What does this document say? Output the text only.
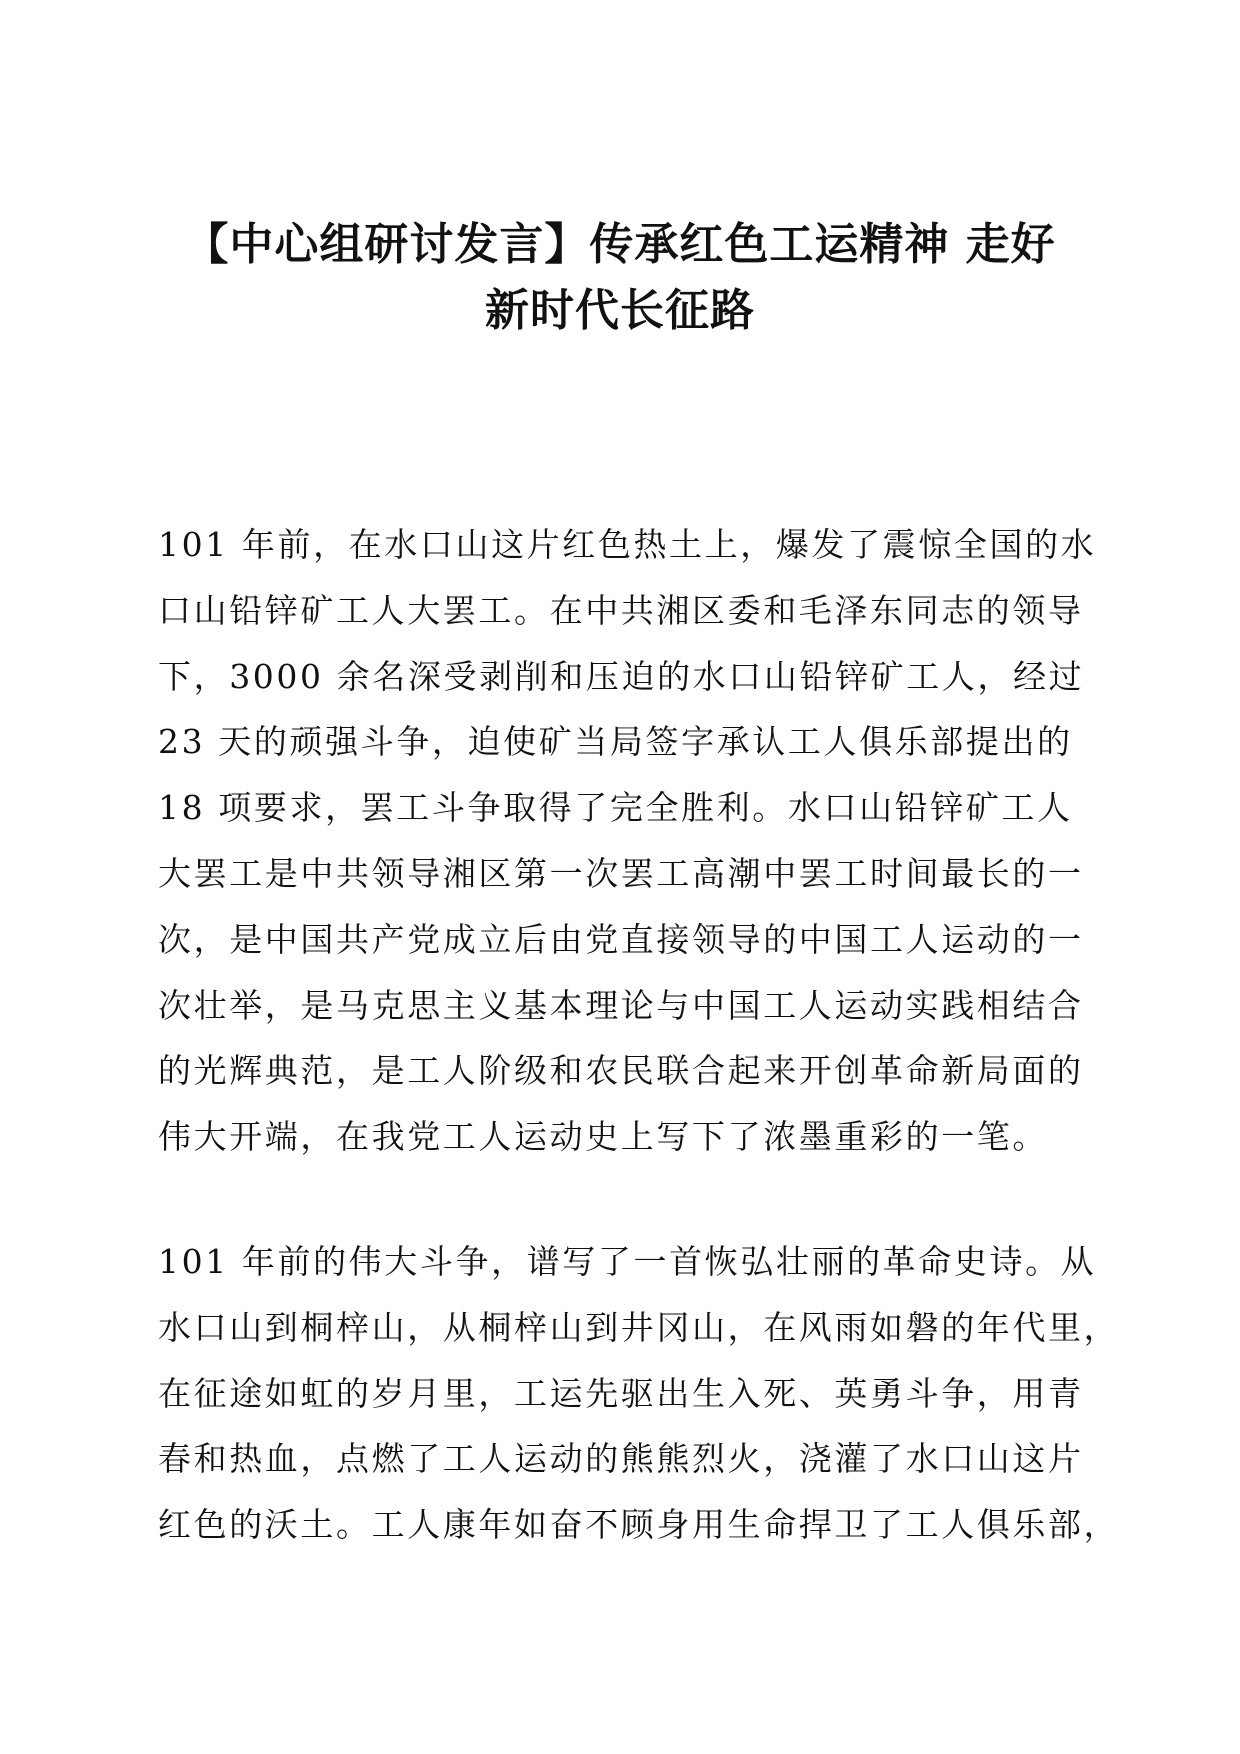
【中心组研讨发言】传承红色工运精神 走好
新时代长征路
101 年前，在水口山这片红色热土上，爆发了震惊全国的水
口山铅锌矿工人大罢工。在中共湘区委和毛泽东同志的领导
下，3000 余名深受剥削和压迫的水口山铅锌矿工人，经过
23 天的顽强斗争，迫使矿当局签字承认工人俱乐部提出的
18 项要求，罢工斗争取得了完全胜利。水口山铅锌矿工人
大罢工是中共领导湘区第一次罢工高潮中罢工时间最长的一
次，是中国共产党成立后由党直接领导的中国工人运动的一
次壮举，是马克思主义基本理论与中国工人运动实践相结合
的光辉典范，是工人阶级和农民联合起来开创革命新局面的
伟大开端，在我党工人运动史上写下了浓墨重彩的一笔。
101 年前的伟大斗争，谱写了一首恢弘壮丽的革命史诗。从
水口山到桐梓山，从桐梓山到井冈山，在风雨如磐的年代里，
在征途如虹的岁月里，工运先驱出生入死、英勇斗争，用青
春和热血，点燃了工人运动的熊熊烈火，浇灌了水口山这片
红色的沃土。工人康年如奋不顾身用生命捍卫了工人俱乐部，
